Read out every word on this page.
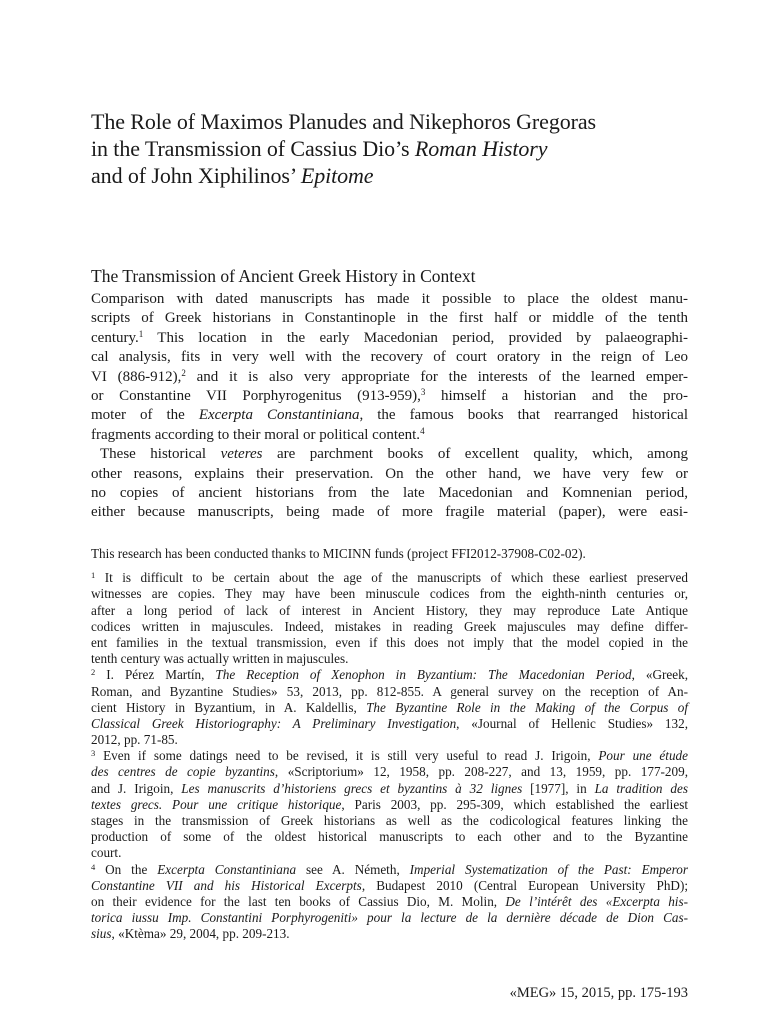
The Role of Maximos Planudes and Nikephoros Gregoras
in the Transmission of Cassius Dio’s Roman History
and of John Xiphilinos’ Epitome
The Transmission of Ancient Greek History in Context
Comparison with dated manuscripts has made it possible to place the oldest manu-
scripts of Greek historians in Constantinople in the first half or middle of the tenth
century.$^1$ This location in the early Macedonian period, provided by palaeographi-
cal analysis, fits in very well with the recovery of court oratory in the reign of Leo
VI (886-912),$^2$ and it is also very appropriate for the interests of the learned emper-
or Constantine VII Porphyrogenitus (913-959),$^3$ himself a historian and the pro-
moter of the Excerpta Constantiniana, the famous books that rearranged historical
fragments according to their moral or political content.$^4$
These historical veteres are parchment books of excellent quality, which, among
other reasons, explains their preservation. On the other hand, we have very few or
no copies of ancient historians from the late Macedonian and Komnenian period,
either because manuscripts, being made of more fragile material (paper), were easi-
This research has been conducted thanks to MICINN funds (project FFI2012-37908-C02-02).
$^1$ It is difficult to be certain about the age of the manuscripts of which these earliest preserved
witnesses are copies. They may have been minuscule codices from the eighth-ninth centuries or,
after a long period of lack of interest in Ancient History, they may reproduce Late Antique
codices written in majuscules. Indeed, mistakes in reading Greek majuscules may define differ-
ent families in the textual transmission, even if this does not imply that the model copied in the
tenth century was actually written in majuscules.
$^2$ I. Pérez Martín, The Reception of Xenophon in Byzantium: The Macedonian Period, «Greek,
Roman, and Byzantine Studies» 53, 2013, pp. 812-855. A general survey on the reception of An-
cient History in Byzantium, in A. Kaldellis, The Byzantine Role in the Making of the Corpus of
Classical Greek Historiography: A Preliminary Investigation, «Journal of Hellenic Studies» 132,
2012, pp. 71-85.
$^3$ Even if some datings need to be revised, it is still very useful to read J. Irigoin, Pour une étude
des centres de copie byzantins, «Scriptorium» 12, 1958, pp. 208-227, and 13, 1959, pp. 177-209,
and J. Irigoin, Les manuscrits d’historiens grecs et byzantins à 32 lignes [1977], in La tradition des
textes grecs. Pour une critique historique, Paris 2003, pp. 295-309, which established the earliest
stages in the transmission of Greek historians as well as the codicological features linking the
production of some of the oldest historical manuscripts to each other and to the Byzantine
court.
$^4$ On the Excerpta Constantiniana see A. Németh, Imperial Systematization of the Past: Emperor
Constantine VII and his Historical Excerpts, Budapest 2010 (Central European University PhD);
on their evidence for the last ten books of Cassius Dio, M. Molin, De l’intérêt des «Excerpta his-
torica iussu Imp. Constantini Porphyrogeniti» pour la lecture de la dernière décade de Dion Cas-
sius, «Ktèma» 29, 2004, pp. 209-213.
«MEG» 15, 2015, pp. 175-193
